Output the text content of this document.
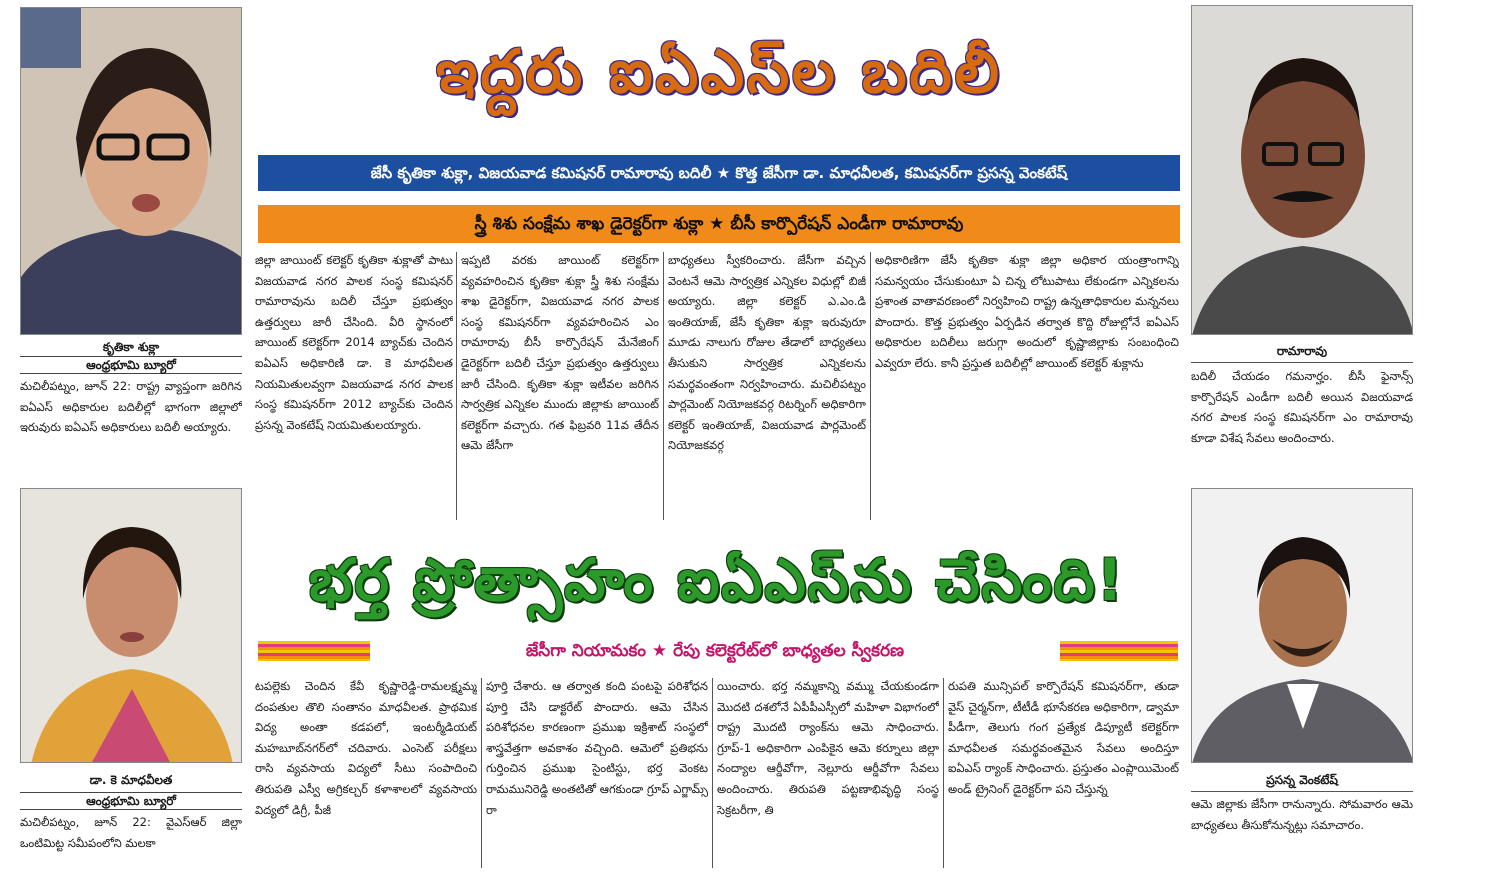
కృతికా శుక్లా
ఆంధ్రభూమి బ్యూరో
మచిలీపట్నం, జూన్ 22: రాష్ట్ర వ్యాప్తంగా జరిగిన ఐఏఎస్ అధికారుల బదిలీల్లో భాగంగా జిల్లాలో ఇరువురు ఐఏఎస్ అధికారులు బదిలీ అయ్యారు.
డా. కె మాధవీలత
ఆంధ్రభూమి బ్యూరో
మచిలీపట్నం, జూన్ 22: వైఎస్‌ఆర్ జిల్లా ఒంటిమిట్ట సమీపంలోని మలకా
రామారావు
బదిలీ చేయడం గమనార్హం. బీసీ ఫైనాన్స్ కార్పొరేషన్ ఎండీగా బదిలీ అయిన విజయవాడ నగర పాలక సంస్థ కమిషనర్‌గా ఎం రామారావు కూడా విశేష సేవలు అందించారు.
ప్రసన్న వెంకటేష్
ఆమె జిల్లాకు జేసీగా రానున్నారు. సోమవారం ఆమె బాధ్యతలు తీసుకోనున్నట్లు సమాచారం.
ఇద్దరు ఐఏఎస్‌ల బదిలీ
జేసీ కృతికా శుక్లా, విజయవాడ కమిషనర్ రామారావు బదిలీ ★ కొత్త జేసీగా డా. మాధవీలత, కమిషనర్‌గా ప్రసన్న వెంకటేష్
స్త్రీ శిశు సంక్షేమ శాఖ డైరెక్టర్‌గా శుక్లా ★ బీసీ కార్పొరేషన్ ఎండీగా రామారావు
జిల్లా జాయింట్ కలెక్టర్ కృతికా శుక్లాతో పాటు విజయవాడ నగర పాలక సంస్థ కమిషనర్ రామారావును బదిలీ చేస్తూ ప్రభుత్వం ఉత్తర్వులు జారీ చేసింది. వీరి స్థానంలో జాయింట్ కలెక్టర్‌గా 2014 బ్యాచ్‌కు చెందిన ఐఏఎస్ అధికారిణి డా. కె మాధవీలత నియమితులవ్వగా విజయవాడ నగర పాలక సంస్థ కమిషనర్‌గా 2012 బ్యాచ్‌కు చెందిన ప్రసన్న వెంకటేష్ నియమితులయ్యారు.
ఇప్పటి వరకు జాయింట్ కలెక్టర్‌గా వ్యవహరించిన కృతికా శుక్లా స్త్రీ శిశు సంక్షేమ శాఖ డైరెక్టర్‌గా, విజయవాడ నగర పాలక సంస్థ కమిషనర్‌గా వ్యవహరించిన ఎం రామారావు బీసీ కార్పొరేషన్ మేనేజింగ్ డైరెక్టర్‌గా బదిలీ చేస్తూ ప్రభుత్వం ఉత్తర్వులు జారీ చేసింది. కృతికా శుక్లా ఇటీవల జరిగిన సార్వత్రిక ఎన్నికల ముందు జిల్లాకు జాయింట్ కలెక్టర్‌గా వచ్చారు. గత ఫిబ్రవరి 11వ తేదీన ఆమె జేసీగా
బాధ్యతలు స్వీకరించారు. జేసీగా వచ్చిన వెంటనే ఆమె సార్వత్రిక ఎన్నికల విధుల్లో బిజీ అయ్యారు. జిల్లా కలెక్టర్ ఎ.ఎం.డి ఇంతియాజ్, జేసీ కృతికా శుక్లా ఇరువురూ మూడు నాలుగు రోజుల తేడాలో బాధ్యతలు తీసుకుని సార్వత్రిక ఎన్నికలను సమర్థవంతంగా నిర్వహించారు. మచిలీపట్నం పార్లమెంట్ నియోజకవర్గ రిటర్నింగ్ అధికారిగా కలెక్టర్ ఇంతియాజ్, విజయవాడ పార్లమెంట్ నియోజకవర్గ
అధికారిణిగా జేసీ కృతికా శుక్లా జిల్లా అధికార యంత్రాంగాన్ని సమన్వయం చేసుకుంటూ ఏ చిన్న లోటుపాటు లేకుండగా ఎన్నికలను ప్రశాంత వాతావరణంలో నిర్వహించి రాష్ట్ర ఉన్నతాధికారుల మన్ననలు పొందారు. కొత్త ప్రభుత్వం ఏర్పడిన తర్వాత కొద్ది రోజుల్లోనే ఐఏఎస్ అధికారుల బదిలీలు జరుగ్గా అందులో కృష్ణాజిల్లాకు సంబంధించి ఎవ్వరూ లేరు. కానీ ప్రస్తుత బదిలీల్లో జాయింట్ కలెక్టర్ శుక్లాను
భర్త ప్రోత్సాహం ఐఏఎస్‌ను చేసింది!
జేసీగా నియామకం ★ రేపు కలెక్టరేట్‌లో బాధ్యతల స్వీకరణ
టపల్లెకు చెందిన కేవీ కృష్ణారెడ్డి-రామలక్ష్మమ్మ దంపతుల తొలి సంతానం మాధవీలత. ప్రాథమిక విద్య అంతా కడపలో, ఇంటర్మీడియట్ మహబూబ్‌నగర్‌లో చదివారు. ఎంసెట్ పరీక్షలు రాసి వ్యవసాయ విద్యలో సీటు సంపాదించి తిరుపతి ఎస్వీ అగ్రికల్చర్ కళాశాలలో వ్యవసాయ విద్యలో డిగ్రీ, పీజీ
పూర్తి చేశారు. ఆ తర్వాత కంది పంటపై పరిశోధన పూర్తి చేసి డాక్టరేట్ పొందారు. ఆమె చేసిన పరిశోధనల కారణంగా ప్రముఖ ఇక్రిశాట్ సంస్థలో శాస్త్రవేత్తగా అవకాశం వచ్చింది. ఆమెలో ప్రతిభను గుర్తించిన ప్రముఖ సైంటిస్టు, భర్త వెంకట రామమునిరెడ్డి అంతటితో ఆగకుండా గ్రూప్ ఎగ్జామ్స్ రా
యించారు. భర్త నమ్మకాన్ని వమ్ము చేయకుండగా మొదటి దశలోనే ఏపీపీఎస్సీలో మహిళా విభాగంలో రాష్ట్ర మొదటి ర్యాంక్‌ను ఆమె సాధించారు. గ్రూప్-1 అధికారిగా ఎంపికైన ఆమె కర్నూలు జిల్లా నంద్యాల ఆర్డీవోగా, నెల్లూరు ఆర్డీవోగా సేవలు అందించారు. తిరుపతి పట్టణాభివృద్ధి సంస్థ సెక్రటరీగా, తి
రుపతి మున్సిపల్ కార్పొరేషన్ కమిషనర్‌గా, తుడా వైస్ చైర్మన్‌గా, టీటీడీ భూసేకరణ అధికారిగా, డ్వామా పీడీగా, తెలుగు గంగ ప్రత్యేక డిప్యూటీ కలెక్టర్‌గా మాధవీలత సమర్థవంతమైన సేవలు అందిస్తూ ఐఏఎస్ ర్యాంక్ సాధించారు. ప్రస్తుతం ఎంప్లాయిమెంట్ అండ్ ట్రైనింగ్ డైరెక్టర్‌గా పని చేస్తున్న
